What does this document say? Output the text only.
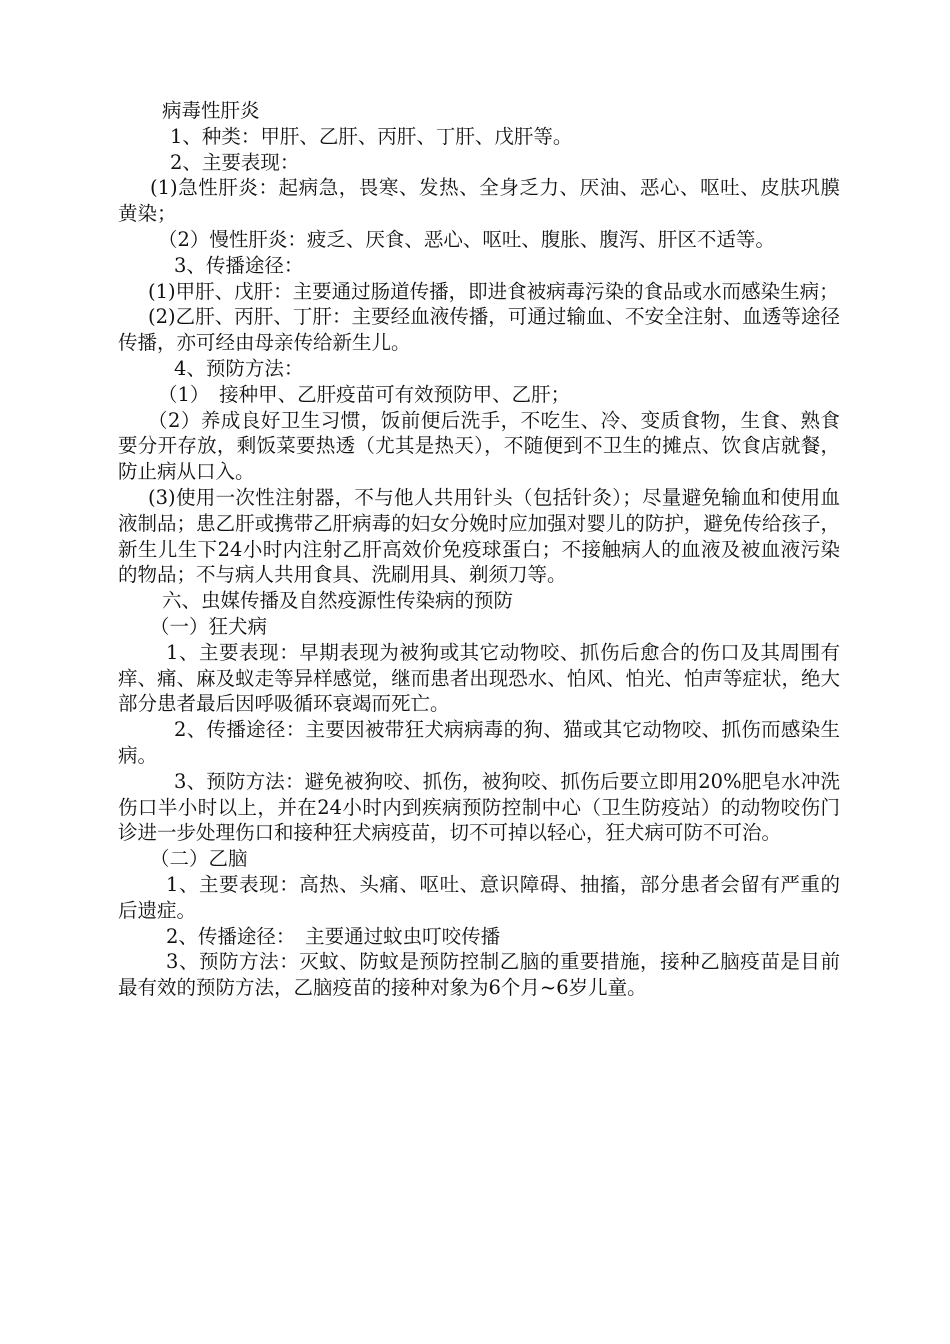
病毒性肝炎

1、种类：甲肝、乙肝、丙肝、丁肝、戊肝等。

2、主要表现：

(1)急性肝炎：起病急，畏寒、发热、全身乏力、厌油、恶心、呕吐、皮肤巩膜黄染；

（2）慢性肝炎：疲乏、厌食、恶心、呕吐、腹胀、腹泻、肝区不适等。

3、传播途径：

(1)甲肝、戊肝：主要通过肠道传播，即进食被病毒污染的食品或水而感染生病；

(2)乙肝、丙肝、丁肝：主要经血液传播，可通过输血、不安全注射、血透等途径传播，亦可经由母亲传给新生儿。

4、预防方法：

（1）　接种甲、乙肝疫苗可有效预防甲、乙肝；

（2）养成良好卫生习惯，饭前便后洗手，不吃生、冷、变质食物，生食、熟食要分开存放，剩饭菜要热透（尤其是热天），不随便到不卫生的摊点、饮食店就餐，防止病从口入。

(3)使用一次性注射器，不与他人共用针头（包括针灸）；尽量避免输血和使用血液制品；患乙肝或携带乙肝病毒的妇女分娩时应加强对婴儿的防护，避免传给孩子，新生儿生下24小时内注射乙肝高效价免疫球蛋白；不接触病人的血液及被血液污染的物品；不与病人共用食具、洗刷用具、剃须刀等。

六、虫媒传播及自然疫源性传染病的预防

（一）狂犬病

1、主要表现：早期表现为被狗或其它动物咬、抓伤后愈合的伤口及其周围有痒、痛、麻及蚁走等异样感觉，继而患者出现恐水、怕风、怕光、怕声等症状，绝大部分患者最后因呼吸循环衰竭而死亡。

2、传播途径：主要因被带狂犬病病毒的狗、猫或其它动物咬、抓伤而感染生病。

3、预防方法：避免被狗咬、抓伤，被狗咬、抓伤后要立即用20%肥皂水冲洗伤口半小时以上，并在24小时内到疾病预防控制中心（卫生防疫站）的动物咬伤门诊进一步处理伤口和接种狂犬病疫苗，切不可掉以轻心，狂犬病可防不可治。

（二）乙脑

1、主要表现：高热、头痛、呕吐、意识障碍、抽搐，部分患者会留有严重的后遗症。

2、传播途径：　主要通过蚊虫叮咬传播

3、预防方法：灭蚊、防蚊是预防控制乙脑的重要措施，接种乙脑疫苗是目前最有效的预防方法，乙脑疫苗的接种对象为6个月~6岁儿童。
